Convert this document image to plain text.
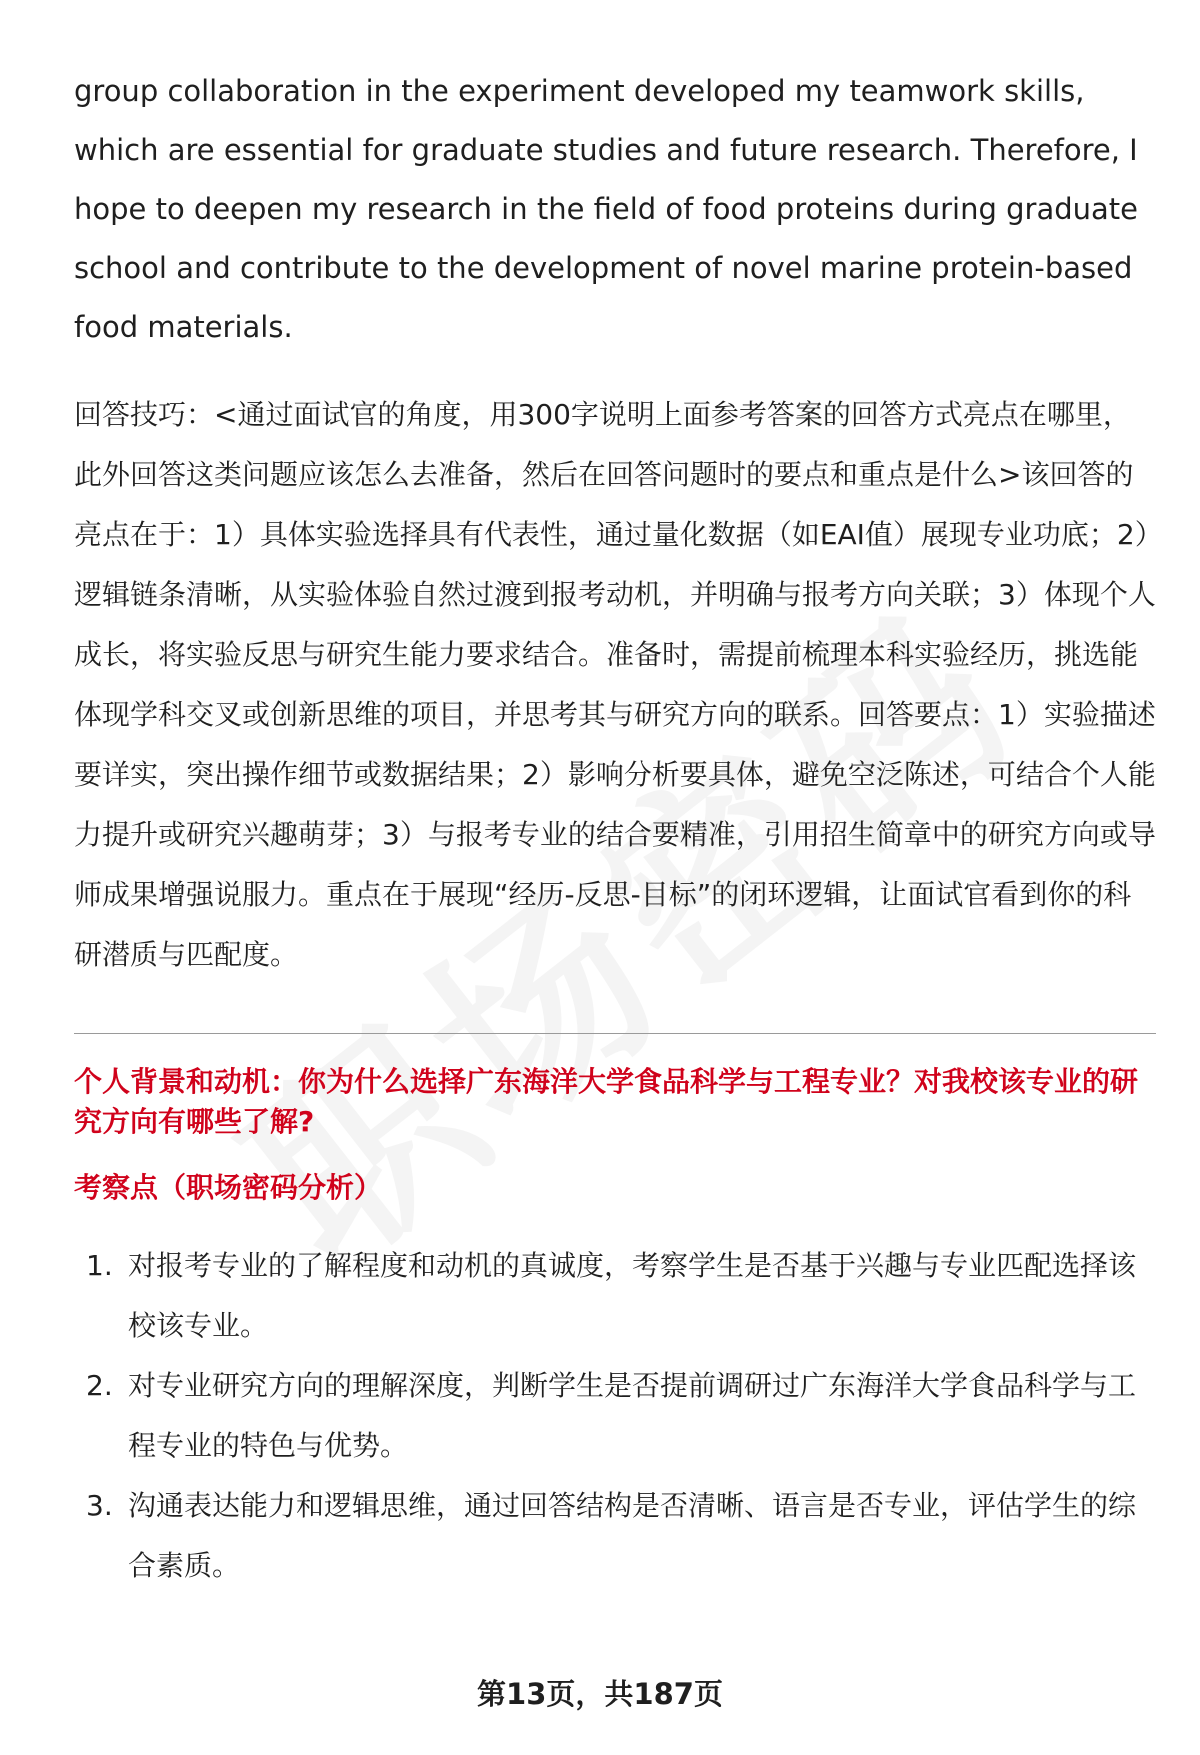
group collaboration in the experiment developed my teamwork skills, which are essential for graduate studies and future research. Therefore, I hope to deepen my research in the field of food proteins during graduate school and contribute to the development of novel marine protein-based food materials.

回答技巧：<通过面试官的角度，用300字说明上面参考答案的回答方式亮点在哪里，此外回答这类问题应该怎么去准备，然后在回答问题时的要点和重点是什么>该回答的亮点在于：1）具体实验选择具有代表性，通过量化数据（如EAI值）展现专业功底；2）逻辑链条清晰，从实验体验自然过渡到报考动机，并明确与报考方向关联；3）体现个人成长，将实验反思与研究生能力要求结合。准备时，需提前梳理本科实验经历，挑选能体现学科交叉或创新思维的项目，并思考其与研究方向的联系。回答要点：1）实验描述要详实，突出操作细节或数据结果；2）影响分析要具体，避免空泛陈述，可结合个人能力提升或研究兴趣萌芽；3）与报考专业的结合要精准，引用招生简章中的研究方向或导师成果增强说服力。重点在于展现“经历-反思-目标”的闭环逻辑，让面试官看到你的科研潜质与匹配度。

个人背景和动机：你为什么选择广东海洋大学食品科学与工程专业？对我校该专业的研究方向有哪些了解?
考察点（职场密码分析）
1. 对报考专业的了解程度和动机的真诚度，考察学生是否基于兴趣与专业匹配选择该校该专业。
2. 对专业研究方向的理解深度，判断学生是否提前调研过广东海洋大学食品科学与工程专业的特色与优势。
3. 沟通表达能力和逻辑思维，通过回答结构是否清晰、语言是否专业，评估学生的综合素质。
第13页，共187页
